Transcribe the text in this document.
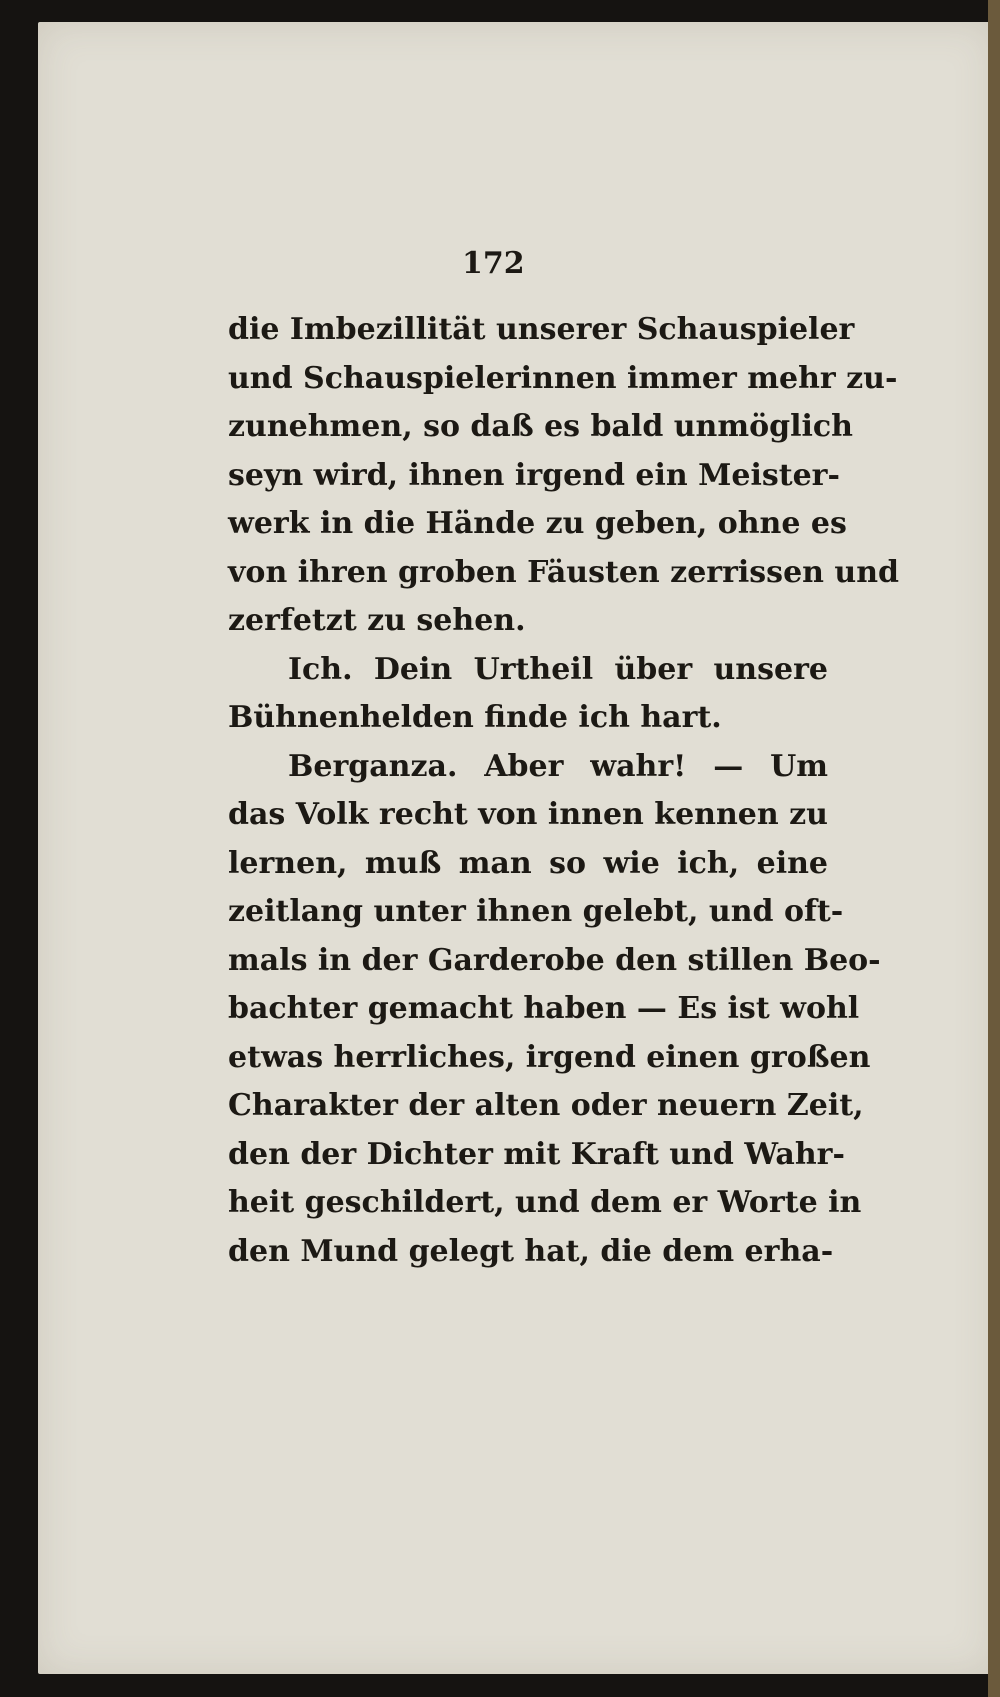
172
die Imbezillität unserer Schauspieler
und Schauspielerinnen immer mehr zu-
zunehmen, so daß es bald unmöglich
seyn wird, ihnen irgend ein Meister-
werk in die Hände zu geben, ohne es
von ihren groben Fäusten zerrissen und
zerfetzt zu sehen.
Ich. Dein Urtheil über unsere
Bühnenhelden finde ich hart.
Berganza. Aber wahr! — Um
das Volk recht von innen kennen zu
lernen, muß man so wie ich, eine
zeitlang unter ihnen gelebt, und oft-
mals in der Garderobe den stillen Beo-
bachter gemacht haben — Es ist wohl
etwas herrliches, irgend einen großen
Charakter der alten oder neuern Zeit,
den der Dichter mit Kraft und Wahr-
heit geschildert, und dem er Worte in
den Mund gelegt hat, die dem erha-
